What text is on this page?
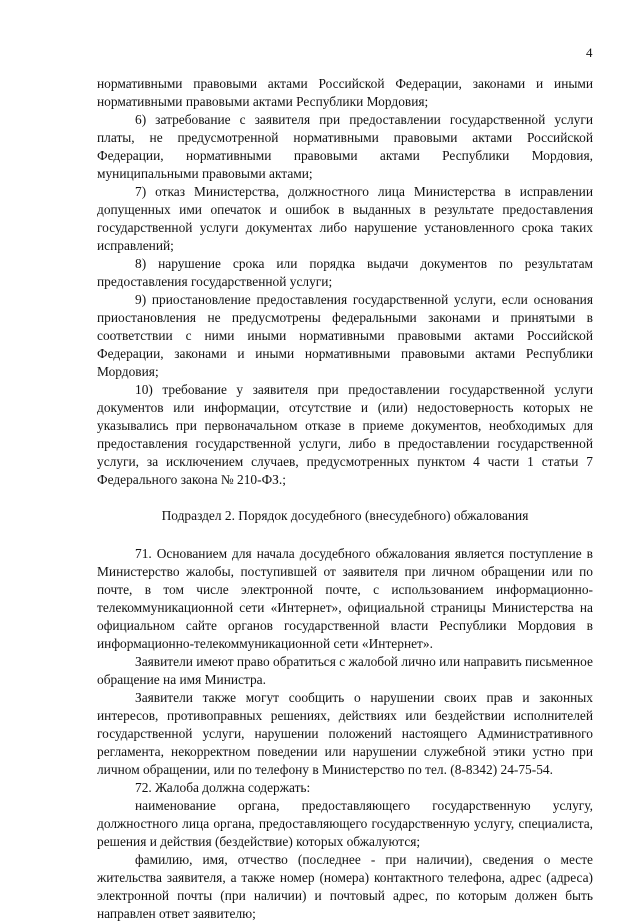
4

нормативными правовыми актами Российской Федерации, законами и иными нормативными правовыми актами Республики Мордовия;

6) затребование с заявителя при предоставлении государственной услуги платы, не предусмотренной нормативными правовыми актами Российской Федерации, нормативными правовыми актами Республики Мордовия, муниципальными правовыми актами;

7) отказ Министерства, должностного лица Министерства в исправлении допущенных ими опечаток и ошибок в выданных в результате предоставления государственной услуги документах либо нарушение установленного срока таких исправлений;

8) нарушение срока или порядка выдачи документов по результатам предоставления государственной услуги;

9) приостановление предоставления государственной услуги, если основания приостановления не предусмотрены федеральными законами и принятыми в соответствии с ними иными нормативными правовыми актами Российской Федерации, законами и иными нормативными правовыми актами Республики Мордовия;

10) требование у заявителя при предоставлении государственной услуги документов или информации, отсутствие и (или) недостоверность которых не указывались при первоначальном отказе в приеме документов, необходимых для предоставления государственной услуги, либо в предоставлении государственной услуги, за исключением случаев, предусмотренных пунктом 4 части 1 статьи 7 Федерального закона № 210-ФЗ.;

Подраздел 2. Порядок досудебного (внесудебного) обжалования

71. Основанием для начала досудебного обжалования является поступление в Министерство жалобы, поступившей от заявителя при личном обращении или по почте, в том числе электронной почте, с использованием информационно-телекоммуникационной сети «Интернет», официальной страницы Министерства на официальном сайте органов государственной власти Республики Мордовия в информационно-телекоммуникационной сети «Интернет».

Заявители имеют право обратиться с жалобой лично или направить письменное обращение на имя Министра.

Заявители также могут сообщить о нарушении своих прав и законных интересов, противоправных решениях, действиях или бездействии исполнителей государственной услуги, нарушении положений настоящего Административного регламента, некорректном поведении или нарушении служебной этики устно при личном обращении, или по телефону в Министерство по тел. (8-8342) 24-75-54.

72. Жалоба должна содержать:

наименование органа, предоставляющего государственную услугу, должностного лица органа, предоставляющего государственную услугу, специалиста, решения и действия (бездействие) которых обжалуются;

фамилию, имя, отчество (последнее - при наличии), сведения о месте жительства заявителя, а также номер (номера) контактного телефона, адрес (адреса) электронной почты (при наличии) и почтовый адрес, по которым должен быть направлен ответ заявителю;
